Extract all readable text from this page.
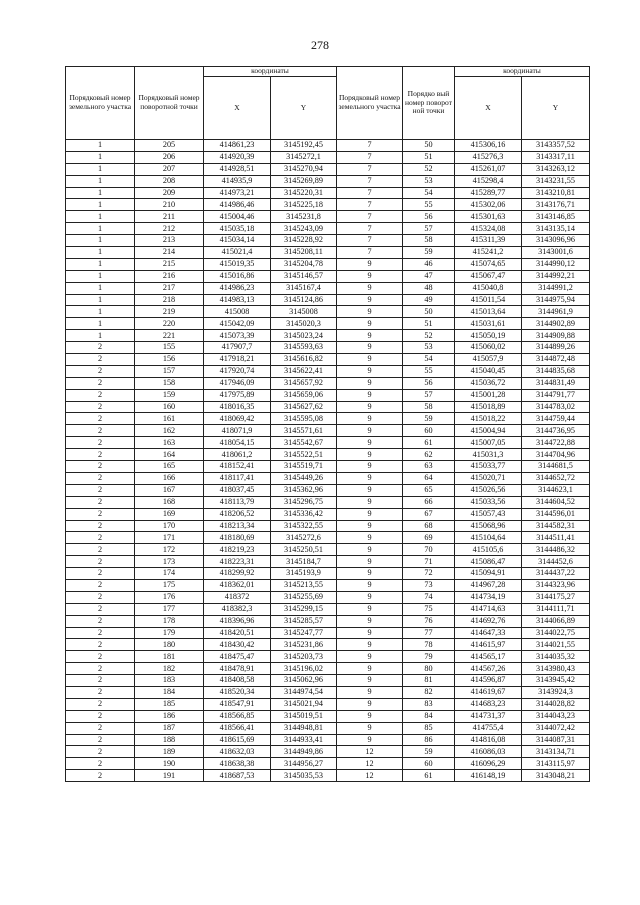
278
Порядковый номер земельного участка	Порядковый номер поворотной точки	координаты		Порядковый номер земельного участка	Порядко вый номер поворот ной точки	координаты	
		X	Y			X	Y
1	205	414861,23	3145192,45	7	50	415306,16	3143357,52
1	206	414920,39	3145272,1	7	51	415276,3	3143317,11
1	207	414928,51	3145270,94	7	52	415261,07	3143263,12
1	208	414935,9	3145269,89	7	53	415298,4	3143231,55
1	209	414973,21	3145220,31	7	54	415289,77	3143210,81
1	210	414986,46	3145225,18	7	55	415302,06	3143176,71
1	211	415004,46	3145231,8	7	56	415301,63	3143146,85
1	212	415035,18	3145243,09	7	57	415324,08	3143135,14
1	213	415034,14	3145228,92	7	58	415311,39	3143096,96
1	214	415021,4	3145208,11	7	59	415241,2	3143001,6
1	215	415019,35	3145204,78	9	46	415074,65	3144990,12
1	216	415016,86	3145146,57	9	47	415067,47	3144992,21
1	217	414986,23	3145167,4	9	48	415040,8	3144991,2
1	218	414983,13	3145124,86	9	49	415011,54	3144975,94
1	219	415008	3145008	9	50	415013,64	3144961,9
1	220	415042,09	3145020,3	9	51	415031,61	3144902,89
1	221	415073,39	3145023,24	9	52	415050,19	3144909,88
2	155	417907,7	3145593,63	9	53	415060,02	3144899,26
2	156	417918,21	3145616,82	9	54	415057,9	3144872,48
2	157	417920,74	3145622,41	9	55	415040,45	3144835,68
2	158	417946,09	3145657,92	9	56	415036,72	3144831,49
2	159	417975,89	3145659,06	9	57	415001,28	3144791,77
2	160	418016,35	3145627,62	9	58	415018,89	3144783,02
2	161	418069,42	3145595,08	9	59	415018,22	3144759,44
2	162	418071,9	3145571,61	9	60	415004,94	3144736,95
2	163	418054,15	3145542,67	9	61	415007,05	3144722,88
2	164	418061,2	3145522,51	9	62	415031,3	3144704,96
2	165	418152,41	3145519,71	9	63	415033,77	3144681,5
2	166	418117,41	3145449,26	9	64	415020,71	3144652,72
2	167	418037,45	3145362,96	9	65	415026,56	3144623,1
2	168	418113,79	3145296,75	9	66	415033,56	3144604,52
2	169	418206,52	3145336,42	9	67	415057,43	3144596,01
2	170	418213,34	3145322,55	9	68	415068,96	3144582,31
2	171	418180,69	3145272,6	9	69	415104,64	3144511,41
2	172	418219,23	3145250,51	9	70	415105,6	3144486,32
2	173	418223,31	3145184,7	9	71	415086,47	3144452,6
2	174	418299,92	3145193,9	9	72	415094,91	3144437,22
2	175	418362,01	3145213,55	9	73	414967,28	3144323,96
2	176	418372	3145255,69	9	74	414734,19	3144175,27
2	177	418382,3	3145299,15	9	75	414714,63	3144111,71
2	178	418396,96	3145285,57	9	76	414692,76	3144066,89
2	179	418420,51	3145247,77	9	77	414647,33	3144022,75
2	180	418430,42	3145231,86	9	78	414615,97	3144021,55
2	181	418475,47	3145203,73	9	79	414565,17	3144035,32
2	182	418478,91	3145196,02	9	80	414567,26	3143980,43
2	183	418408,58	3145062,96	9	81	414596,87	3143945,42
2	184	418520,34	3144974,54	9	82	414619,67	3143924,3
2	185	418547,91	3145021,94	9	83	414683,23	3144028,82
2	186	418566,85	3145019,51	9	84	414731,37	3144043,23
2	187	418566,41	3144948,81	9	85	414755,4	3144072,42
2	188	418615,69	3144933,41	9	86	414816,08	3144087,31
2	189	418632,03	3144949,86	12	59	416086,03	3143134,71
2	190	418638,38	3144956,27	12	60	416096,29	3143115,97
2	191	418687,53	3145035,53	12	61	416148,19	3143048,21
